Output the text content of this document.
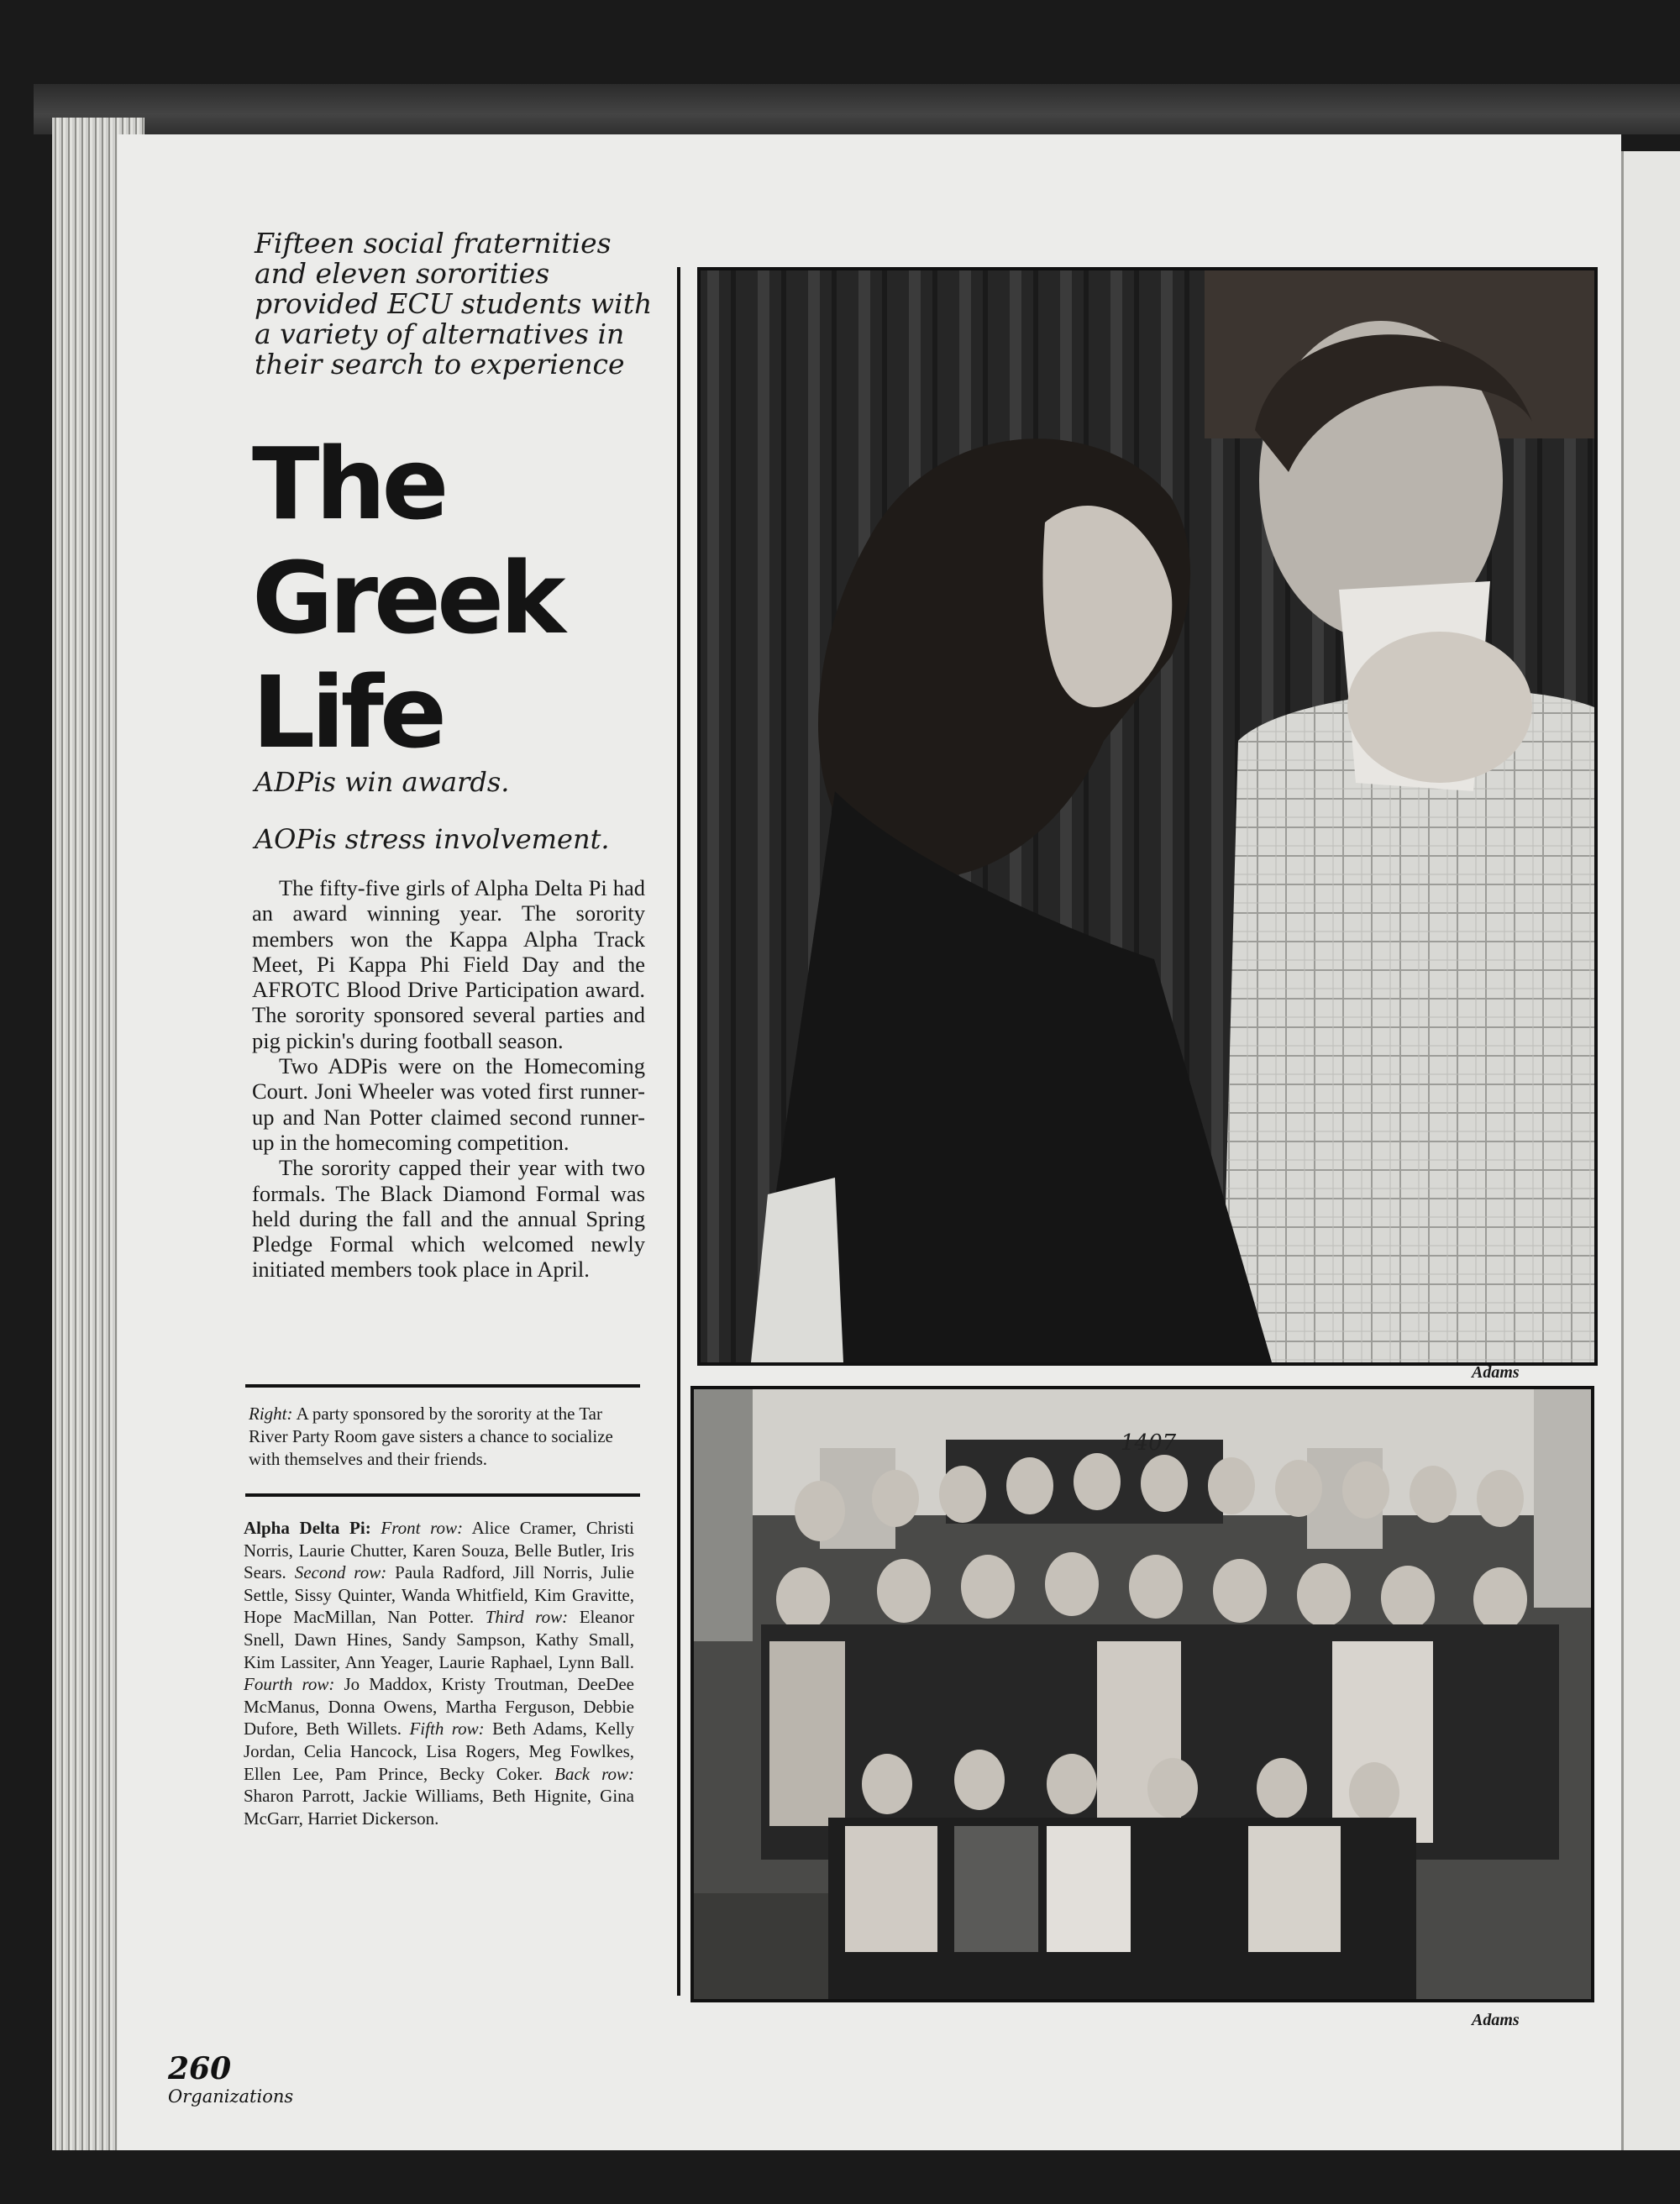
Fifteen social fraternities and eleven sororities provided ECU students with a variety of alternatives in their search to experience
The
Greek
Life
ADPis win awards.
AOPis stress involvement.

The fifty-five girls of Alpha Delta Pi had an award winning year. The sorority members won the Kappa Alpha Track Meet, Pi Kappa Phi Field Day and the AFROTC Blood Drive Participation award. The sorority sponsored several parties and pig pickin's during football season.

Two ADPis were on the Homecoming Court. Joni Wheeler was voted first runner-up and Nan Potter claimed second runner-up in the homecoming competition.

The sorority capped their year with two formals. The Black Diamond Formal was held during the fall and the annual Spring Pledge Formal which welcomed newly initiated members took place in April.

Right: A party sponsored by the sorority at the Tar River Party Room gave sisters a chance to socialize with themselves and their friends.
Alpha Delta Pi: Front row: Alice Cramer, Christi Norris, Laurie Chutter, Karen Souza, Belle Butler, Iris Sears. Second row: Paula Radford, Jill Norris, Julie Settle, Sissy Quinter, Wanda Whitfield, Kim Gravitte, Hope MacMillan, Nan Potter. Third row: Eleanor Snell, Dawn Hines, Sandy Sampson, Kathy Small, Kim Lassiter, Ann Yeager, Laurie Raphael, Lynn Ball. Fourth row: Jo Maddox, Kristy Troutman, DeeDee McManus, Donna Owens, Martha Ferguson, Debbie Dufore, Beth Willets. Fifth row: Beth Adams, Kelly Jordan, Celia Hancock, Lisa Rogers, Meg Fowlkes, Ellen Lee, Pam Prince, Becky Coker. Back row: Sharon Parrott, Jackie Williams, Beth Hignite, Gina McGarr, Harriet Dickerson.
Adams
1407
Adams
260
Organizations
